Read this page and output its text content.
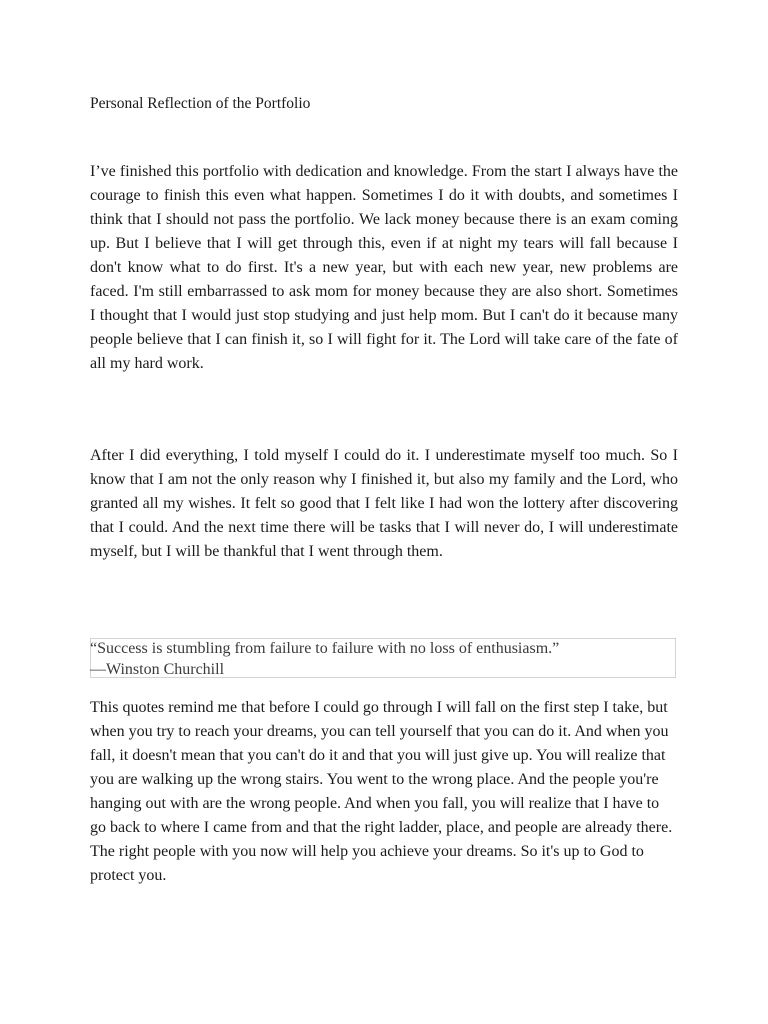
Personal Reflection of the Portfolio

I’ve finished this portfolio with dedication and knowledge. From the start I always have the courage to finish this even what happen. Sometimes I do it with doubts, and sometimes I think that I should not pass the portfolio. We lack money because there is an exam coming up. But I believe that I will get through this, even if at night my tears will fall because I don't know what to do first. It's a new year, but with each new year, new problems are faced. I'm still embarrassed to ask mom for money because they are also short. Sometimes I thought that I would just stop studying and just help mom. But I can't do it because many people believe that I can finish it, so I will fight for it. The Lord will take care of the fate of all my hard work.

After I did everything, I told myself I could do it. I underestimate myself too much. So I know that I am not the only reason why I finished it, but also my family and the Lord, who granted all my wishes. It felt so good that I felt like I had won the lottery after discovering that I could. And the next time there will be tasks that I will never do, I will underestimate myself, but I will be thankful that I went through them.

“Success is stumbling from failure to failure with no loss of enthusiasm.”

—Winston Churchill

This quotes remind me that before I could go through I will fall on the first step I take, but when you try to reach your dreams, you can tell yourself that you can do it. And when you fall, it doesn't mean that you can't do it and that you will just give up. You will realize that you are walking up the wrong stairs. You went to the wrong place. And the people you're hanging out with are the wrong people. And when you fall, you will realize that I have to go back to where I came from and that the right ladder, place, and people are already there. The right people with you now will help you achieve your dreams. So it's up to God to protect you.
